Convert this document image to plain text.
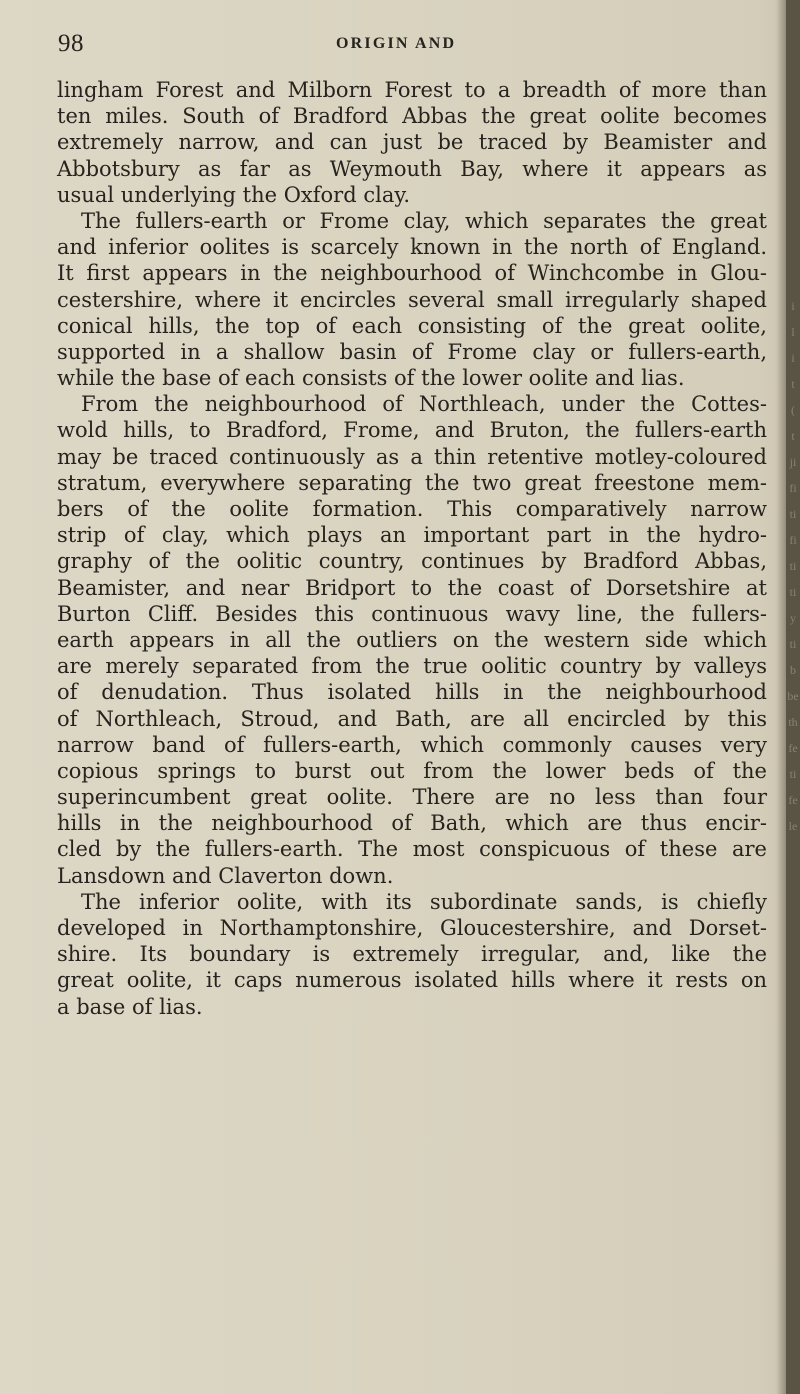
i
l
i
t
(
t
ji
fi
ti
fi
ti
ti
y
ti
b
be
th
fe
ti
fe
le
98	ORIGIN AND
lingham Forest and Milborn Forest to a breadth of more than
ten miles. South of Bradford Abbas the great oolite becomes
extremely narrow, and can just be traced by Beamister and
Abbotsbury as far as Weymouth Bay, where it appears as
usual underlying the Oxford clay.
The fullers-earth or Frome clay, which separates the great
and inferior oolites is scarcely known in the north of England.
It first appears in the neighbourhood of Winchcombe in Glou-
cestershire, where it encircles several small irregularly shaped
conical hills, the top of each consisting of the great oolite,
supported in a shallow basin of Frome clay or fullers-earth,
while the base of each consists of the lower oolite and lias.
From the neighbourhood of Northleach, under the Cottes-
wold hills, to Bradford, Frome, and Bruton, the fullers-earth
may be traced continuously as a thin retentive motley-coloured
stratum, everywhere separating the two great freestone mem-
bers of the oolite formation. This comparatively narrow
strip of clay, which plays an important part in the hydro-
graphy of the oolitic country, continues by Bradford Abbas,
Beamister, and near Bridport to the coast of Dorsetshire at
Burton Cliff. Besides this continuous wavy line, the fullers-
earth appears in all the outliers on the western side which
are merely separated from the true oolitic country by valleys
of denudation. Thus isolated hills in the neighbourhood
of Northleach, Stroud, and Bath, are all encircled by this
narrow band of fullers-earth, which commonly causes very
copious springs to burst out from the lower beds of the
superincumbent great oolite. There are no less than four
hills in the neighbourhood of Bath, which are thus encir-
cled by the fullers-earth. The most conspicuous of these are
Lansdown and Claverton down.
The inferior oolite, with its subordinate sands, is chiefly
developed in Northamptonshire, Gloucestershire, and Dorset-
shire. Its boundary is extremely irregular, and, like the
great oolite, it caps numerous isolated hills where it rests on
a base of lias.
